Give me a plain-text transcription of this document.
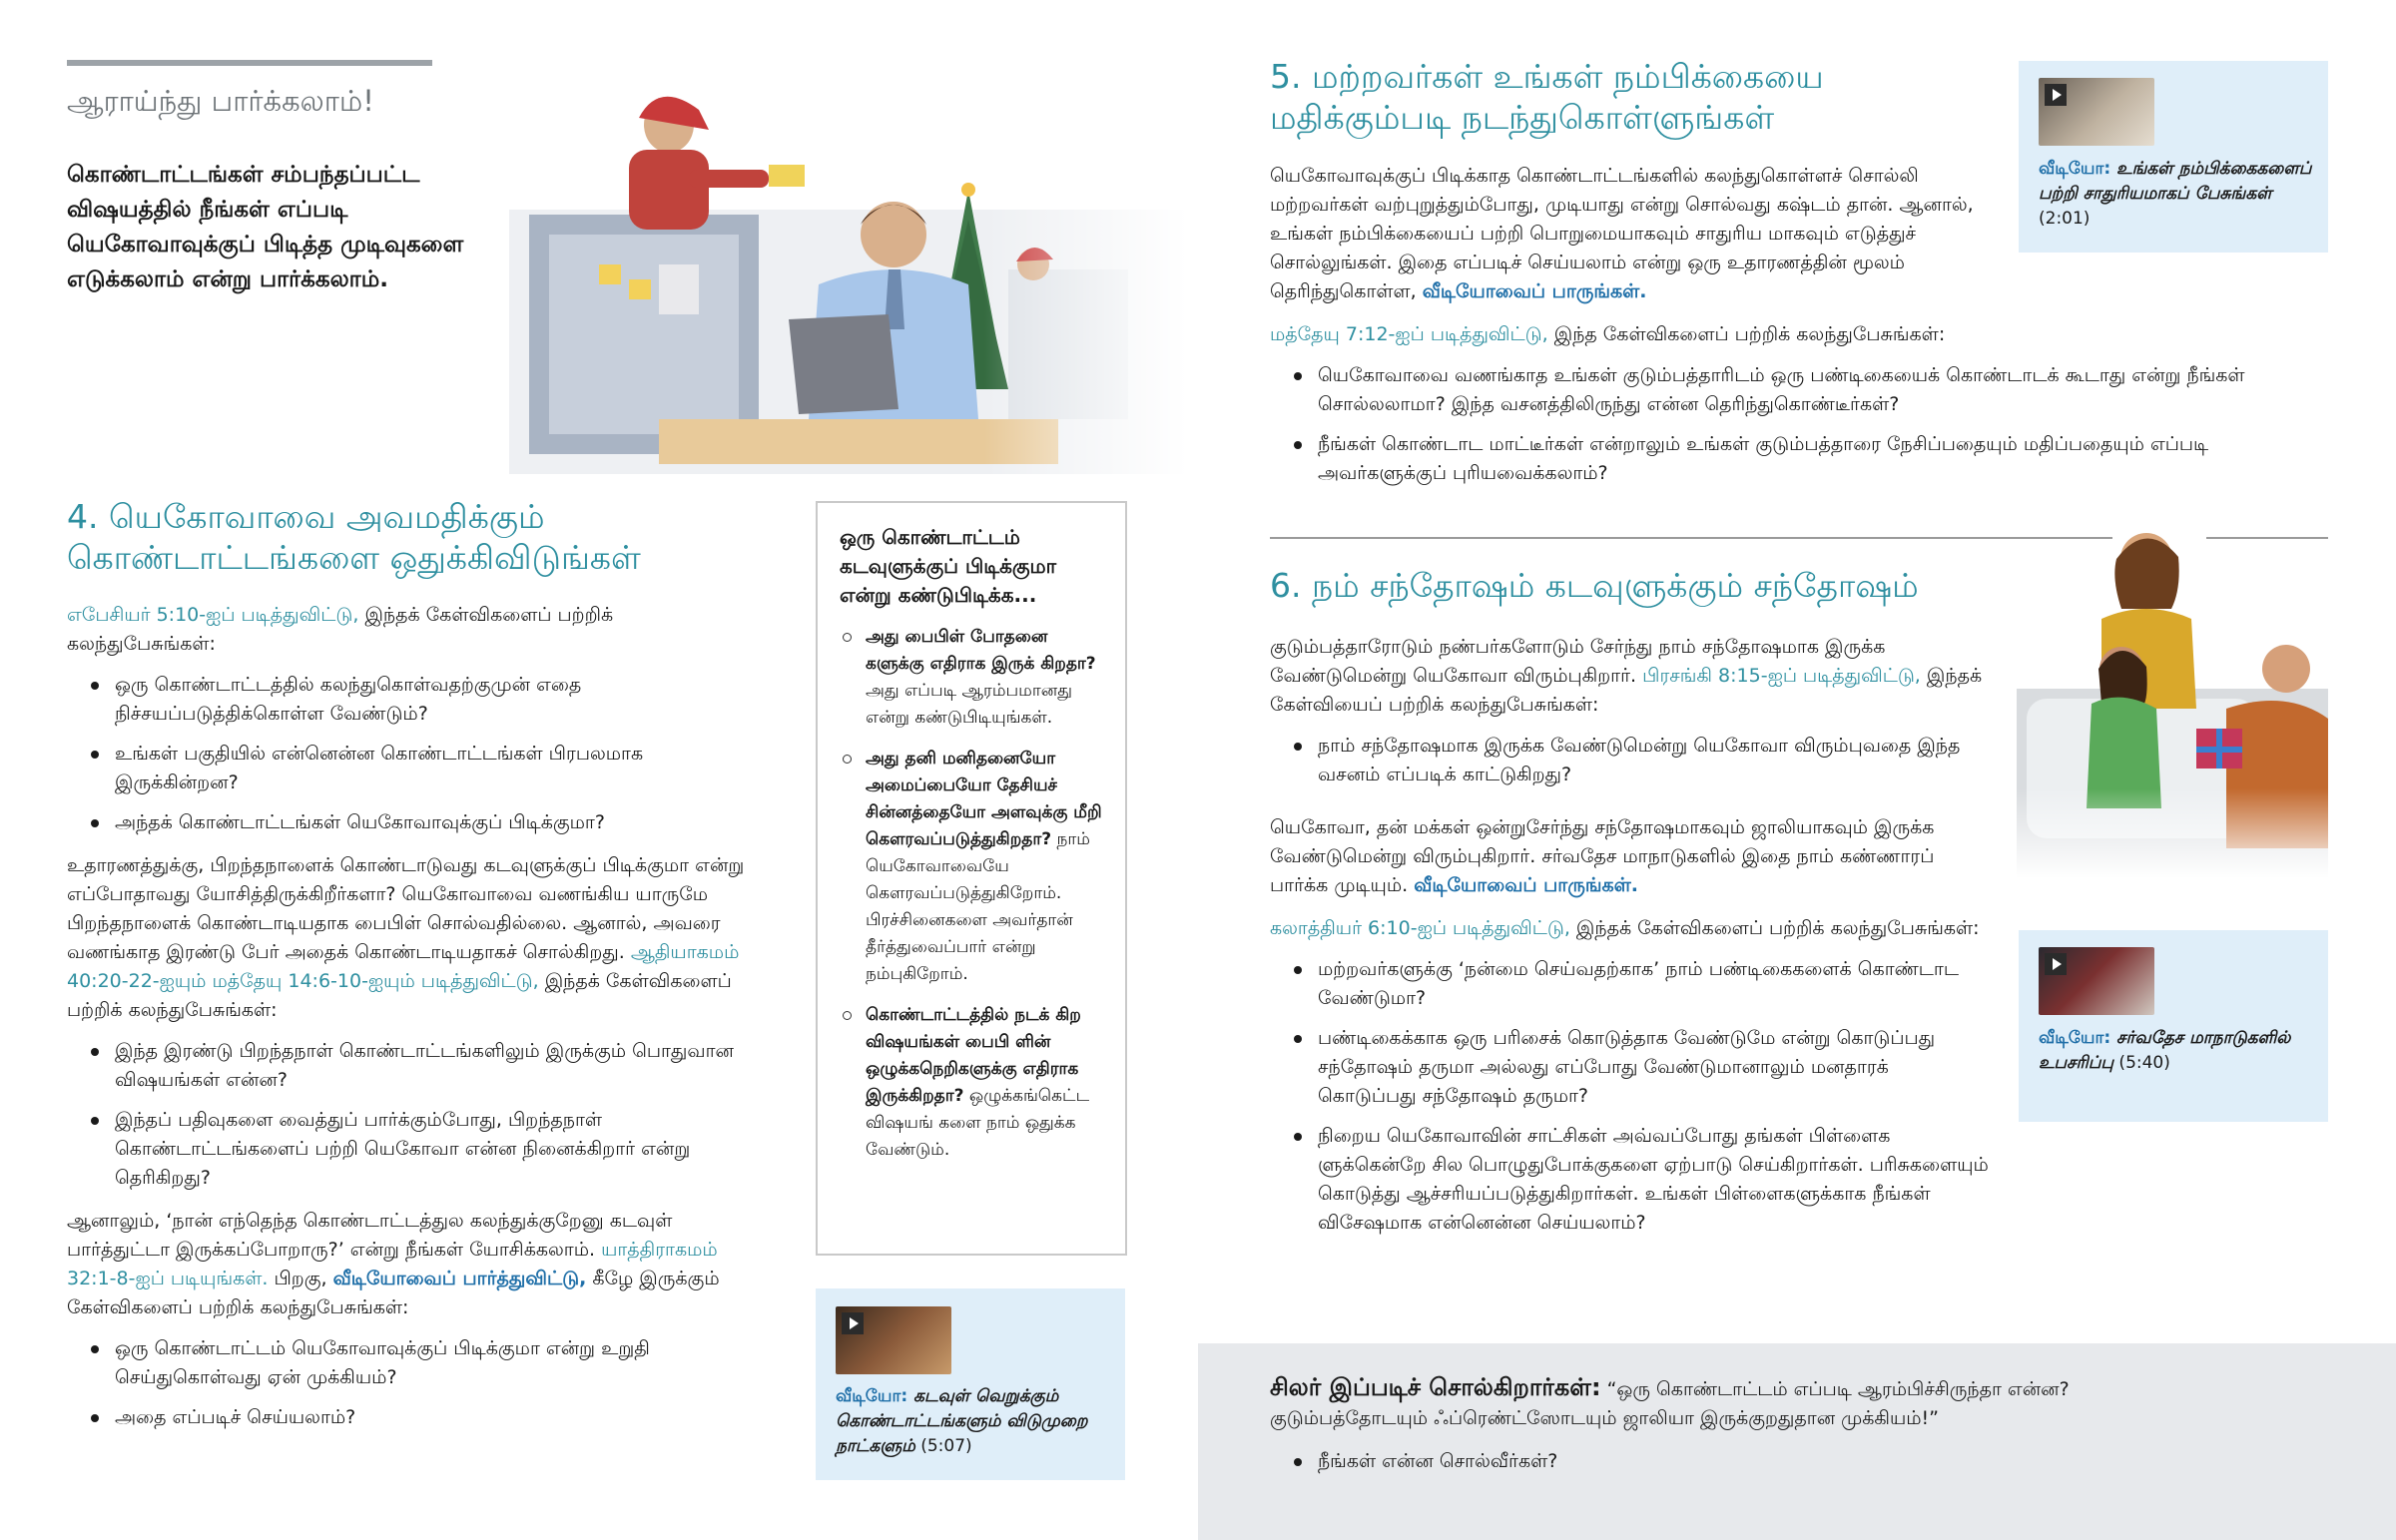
ஆராய்ந்து பார்க்கலாம்!
கொண்டாட்டங்கள் சம்பந்தப்பட்ட விஷயத்தில் நீங்கள் எப்படி யெகோவாவுக்குப் பிடித்த முடிவுகளை எடுக்கலாம் என்று பார்க்கலாம்.
4. யெகோவாவை அவமதிக்கும்
கொண்டாட்டங்களை ஒதுக்கிவிடுங்கள்

எபேசியர் 5:10-ஐப் படித்துவிட்டு, இந்தக் கேள்விகளைப் பற்றிக் கலந்துபேசுங்கள்:

ஒரு கொண்டாட்டத்தில் கலந்துகொள்வதற்குமுன் எதை நிச்சயப்படுத்திக்கொள்ள வேண்டும்?
உங்கள் பகுதியில் என்னென்ன கொண்டாட்டங்கள் பிரபலமாக இருக்கின்றன?
அந்தக் கொண்டாட்டங்கள் யெகோவாவுக்குப் பிடிக்குமா?

உதாரணத்துக்கு, பிறந்தநாளைக் கொண்டாடுவது கடவுளுக்குப் பிடிக்குமா என்று எப்போதாவது யோசித்திருக்கிறீர்களா? யெகோவாவை வணங்கிய யாருமே பிறந்தநாளைக் கொண்டாடியதாக பைபிள் சொல்வதில்லை. ஆனால், அவரை வணங்காத இரண்டு பேர் அதைக் கொண்டாடியதாகச் சொல்கிறது. ஆதியாகமம் 40:20-22-ஐயும் மத்தேயு 14:6-10-ஐயும் படித்துவிட்டு, இந்தக் கேள்விகளைப் பற்றிக் கலந்துபேசுங்கள்:

இந்த இரண்டு பிறந்தநாள் கொண்டாட்டங்களிலும் இருக்கும் பொதுவான விஷயங்கள் என்ன?
இந்தப் பதிவுகளை வைத்துப் பார்க்கும்போது, பிறந்தநாள் கொண்டாட்டங்களைப் பற்றி யெகோவா என்ன நினைக்கிறார் என்று தெரிகிறது?

ஆனாலும், ‘நான் எந்தெந்த கொண்டாட்டத்துல கலந்துக்குறேனு கடவுள் பார்த்துட்டா இருக்கப்போறாரு?’ என்று நீங்கள் யோசிக்கலாம். யாத்திராகமம் 32:1-8-ஐப் படியுங்கள். பிறகு, வீடியோவைப் பார்த்துவிட்டு, கீழே இருக்கும் கேள்விகளைப் பற்றிக் கலந்துபேசுங்கள்:

ஒரு கொண்டாட்டம் யெகோவாவுக்குப் பிடிக்குமா என்று உறுதி செய்துகொள்வது ஏன் முக்கியம்?
அதை எப்படிச் செய்யலாம்?
ஒரு கொண்டாட்டம் கடவுளுக்குப் பிடிக்குமா என்று கண்டுபிடிக்க...
அது பைபிள் போதனை களுக்கு எதிராக இருக் கிறதா? அது எப்படி ஆரம்பமானது என்று கண்டுபிடியுங்கள்.
அது தனி மனிதனையோ அமைப்பையோ தேசியச் சின்னத்தையோ அளவுக்கு மீறி கௌரவப்படுத்துகிறதா? நாம் யெகோவாவையே கௌரவப்படுத்துகிறோம். பிரச்சினைகளை அவர்தான் தீர்த்துவைப்பார் என்று நம்புகிறோம்.
கொண்டாட்டத்தில் நடக் கிற விஷயங்கள் பைபி ளின் ஒழுக்கநெறிகளுக்கு எதிராக இருக்கிறதா? ஒழுக்கங்கெட்ட விஷயங் களை நாம் ஒதுக்க வேண்டும்.
வீடியோ: கடவுள் வெறுக்கும் கொண்டாட்டங்களும் விடுமுறை நாட்களும் (5:07)
5. மற்றவர்கள் உங்கள் நம்பிக்கையை
மதிக்கும்படி நடந்துகொள்ளுங்கள்

யெகோவாவுக்குப் பிடிக்காத கொண்டாட்டங்களில் கலந்துகொள்ளச் சொல்லி மற்றவர்கள் வற்புறுத்தும்போது, முடியாது என்று சொல்வது கஷ்டம் தான். ஆனால், உங்கள் நம்பிக்கையைப் பற்றி பொறுமையாகவும் சாதுரிய மாகவும் எடுத்துச் சொல்லுங்கள். இதை எப்படிச் செய்யலாம் என்று ஒரு உதாரணத்தின் மூலம் தெரிந்துகொள்ள, வீடியோவைப் பாருங்கள்.

மத்தேயு 7:12-ஐப் படித்துவிட்டு, இந்த கேள்விகளைப் பற்றிக் கலந்துபேசுங்கள்:

யெகோவாவை வணங்காத உங்கள் குடும்பத்தாரிடம் ஒரு பண்டிகையைக் கொண்டாடக் கூடாது என்று நீங்கள் சொல்லலாமா? இந்த வசனத்திலிருந்து என்ன தெரிந்துகொண்டீர்கள்?
நீங்கள் கொண்டாட மாட்டீர்கள் என்றாலும் உங்கள் குடும்பத்தாரை நேசிப்பதையும் மதிப்பதையும் எப்படி அவர்களுக்குப் புரியவைக்கலாம்?
வீடியோ: உங்கள் நம்பிக்கைகளைப் பற்றி சாதுரியமாகப் பேசுங்கள் (2:01)
6. நம் சந்தோஷம் கடவுளுக்கும் சந்தோஷம்

குடும்பத்தாரோடும் நண்பர்களோடும் சேர்ந்து நாம் சந்தோஷமாக இருக்க வேண்டுமென்று யெகோவா விரும்புகிறார். பிரசங்கி 8:15-ஐப் படித்துவிட்டு, இந்தக் கேள்வியைப் பற்றிக் கலந்துபேசுங்கள்:

நாம் சந்தோஷமாக இருக்க வேண்டுமென்று யெகோவா விரும்புவதை இந்த வசனம் எப்படிக் காட்டுகிறது?

யெகோவா, தன் மக்கள் ஒன்றுசேர்ந்து சந்தோஷமாகவும் ஜாலியாகவும் இருக்க வேண்டுமென்று விரும்புகிறார். சர்வதேச மாநாடுகளில் இதை நாம் கண்ணாரப் பார்க்க முடியும். வீடியோவைப் பாருங்கள்.

கலாத்தியர் 6:10-ஐப் படித்துவிட்டு, இந்தக் கேள்விகளைப் பற்றிக் கலந்துபேசுங்கள்:

மற்றவர்களுக்கு ‘நன்மை செய்வதற்காக’ நாம் பண்டிகைகளைக் கொண்டாட வேண்டுமா?
பண்டிகைக்காக ஒரு பரிசைக் கொடுத்தாக வேண்டுமே என்று கொடுப்பது சந்தோஷம் தருமா அல்லது எப்போது வேண்டுமானாலும் மனதாரக் கொடுப்பது சந்தோஷம் தருமா?
நிறைய யெகோவாவின் சாட்சிகள் அவ்வப்போது தங்கள் பிள்ளைக ளுக்கென்றே சில பொழுதுபோக்குகளை ஏற்பாடு செய்கிறார்கள். பரிசுகளையும் கொடுத்து ஆச்சரியப்படுத்துகிறார்கள். உங்கள் பிள்ளைகளுக்காக நீங்கள் விசேஷமாக என்னென்ன செய்யலாம்?
வீடியோ: சர்வதேச மாநாடுகளில் உபசரிப்பு (5:40)

சிலர் இப்படிச் சொல்கிறார்கள்: “ஒரு கொண்டாட்டம் எப்படி ஆரம்பிச்சிருந்தா என்ன? குடும்பத்தோடயும் ஃப்ரெண்ட்ஸோடயும் ஜாலியா இருக்குறதுதான முக்கியம்!”

நீங்கள் என்ன சொல்வீர்கள்?
